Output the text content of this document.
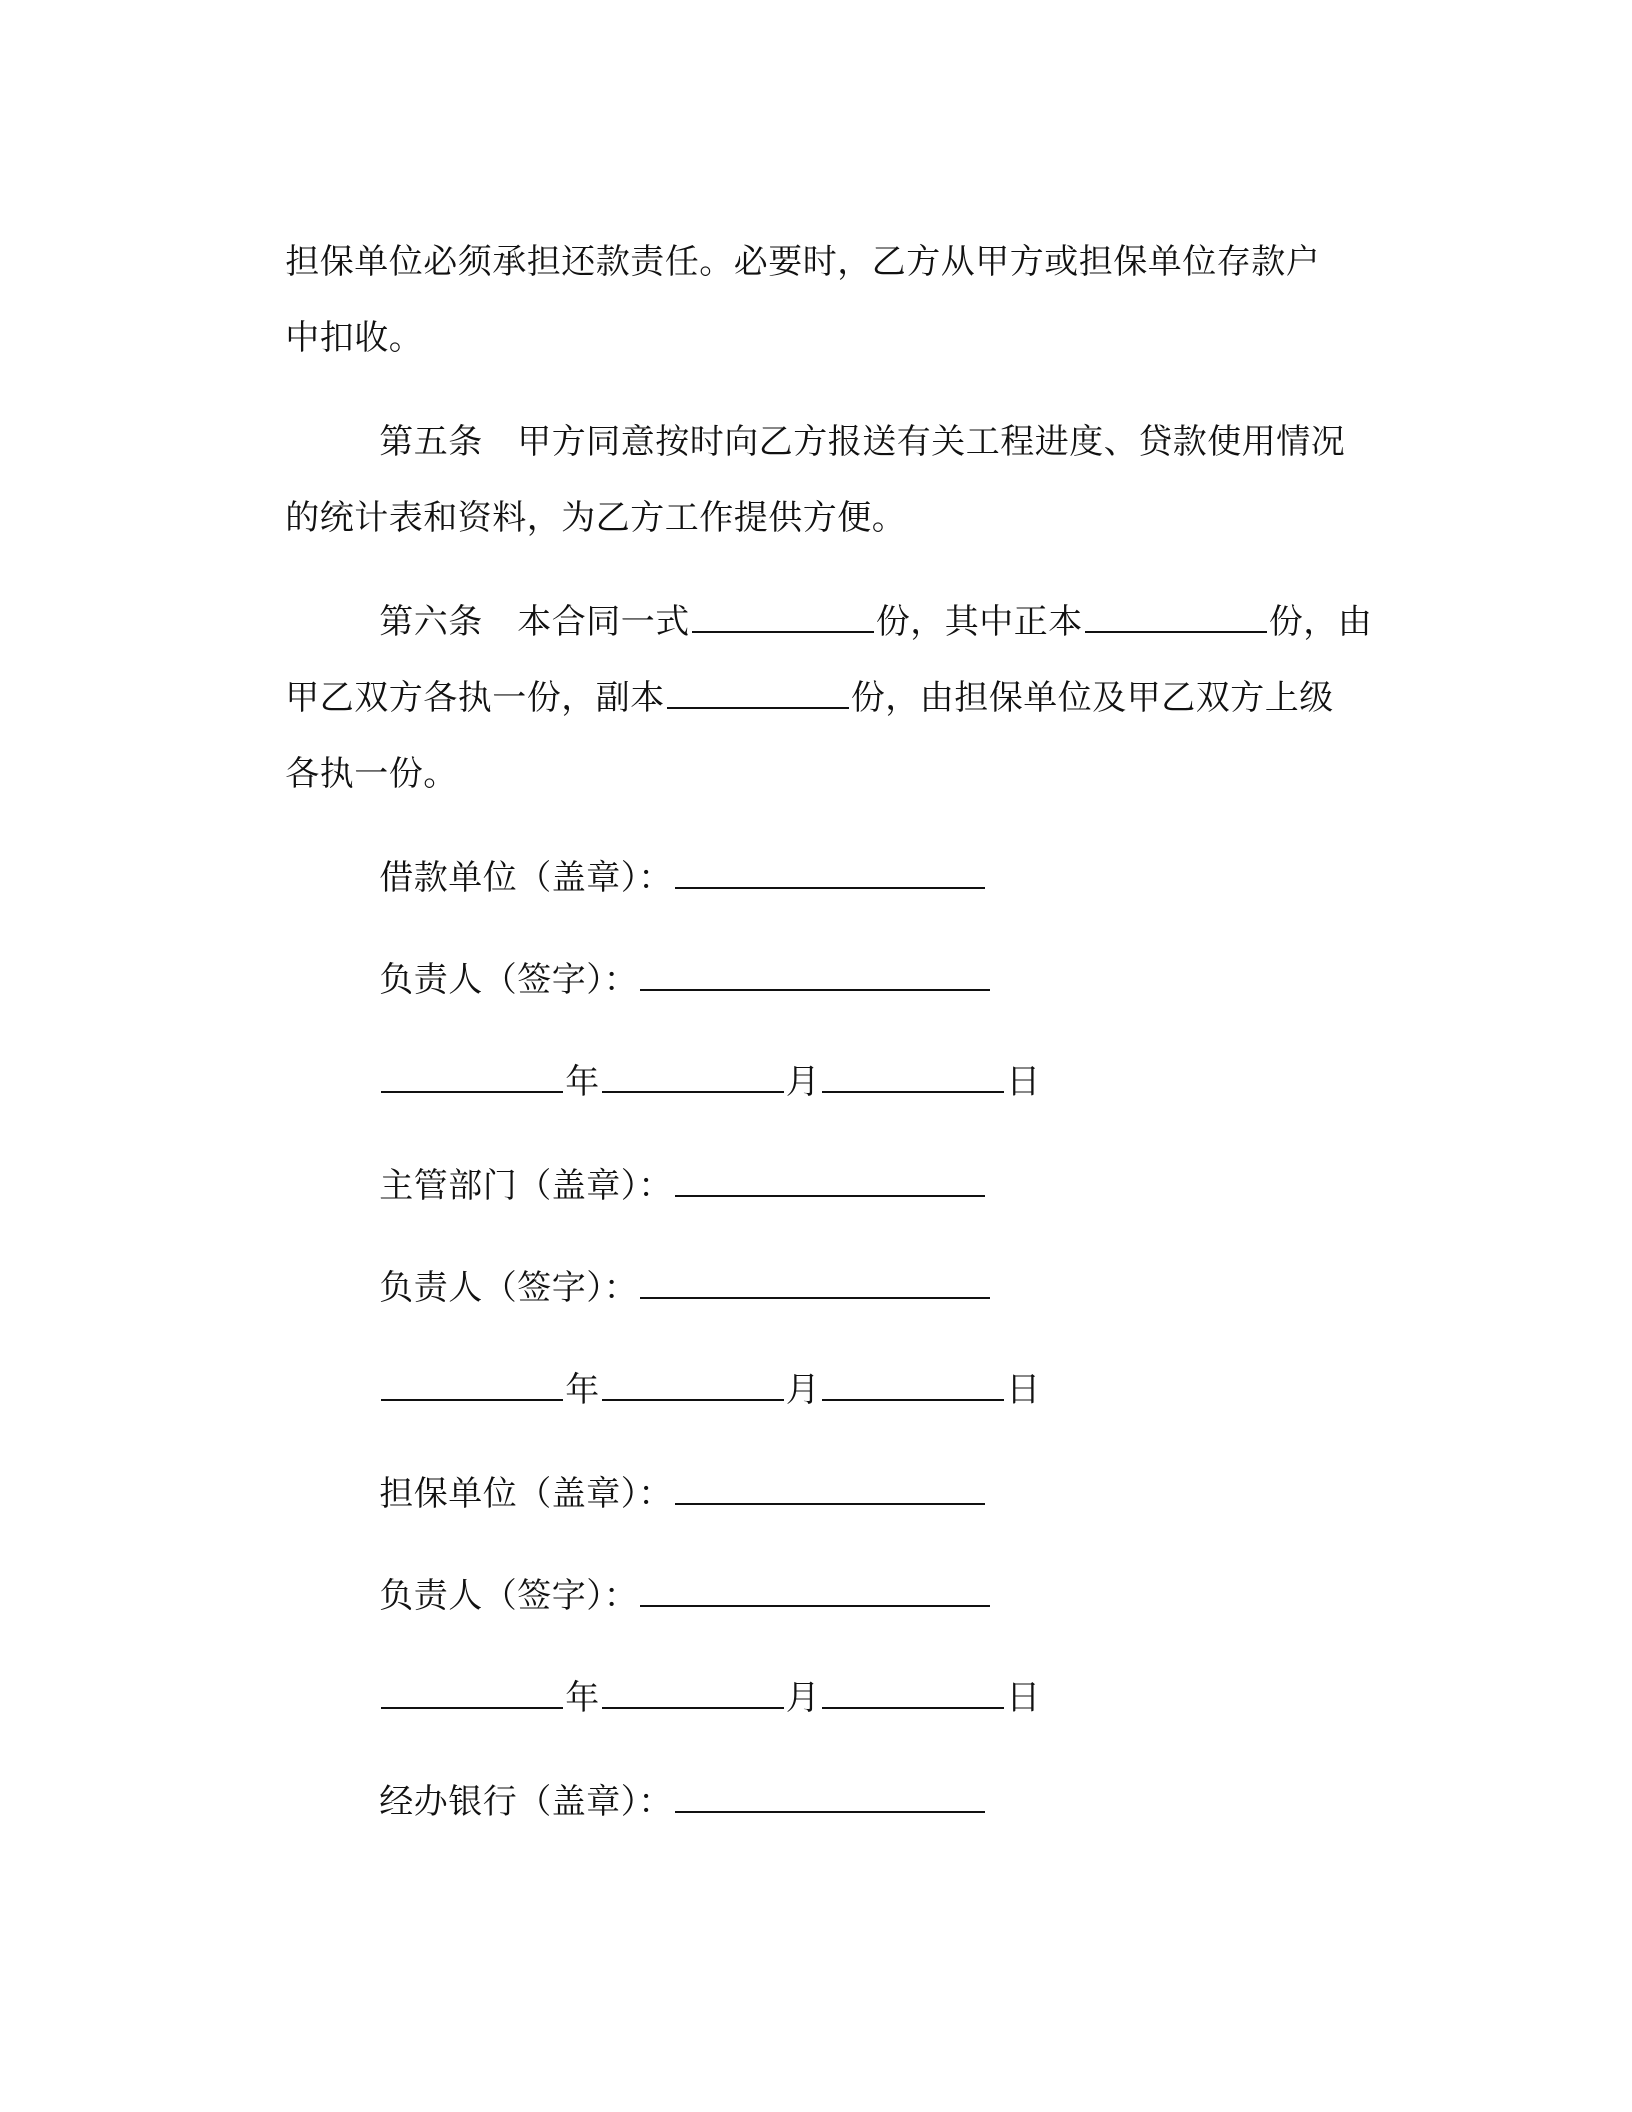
担保单位必须承担还款责任。必要时，乙方从甲方或担保单位存款户

中扣收。

第五条　甲方同意按时向乙方报送有关工程进度、贷款使用情况

的统计表和资料，为乙方工作提供方便。

第六条　本合同一式	份，其中正本	份，由

甲乙双方各执一份，副本	份，由担保单位及甲乙双方上级

各执一份。

借款单位（盖章）：

负责人（签字）：

年	月	日

主管部门（盖章）：

负责人（签字）：

年	月	日

担保单位（盖章）：

负责人（签字）：

年	月	日

经办银行（盖章）：
